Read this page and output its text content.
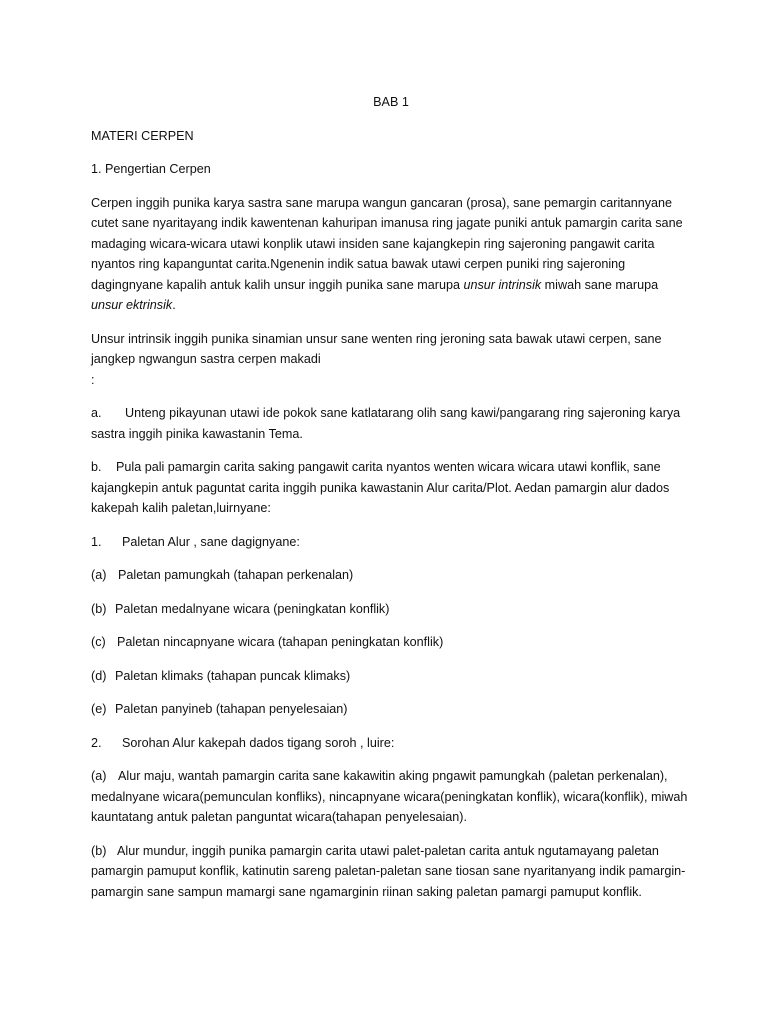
BAB 1

MATERI CERPEN

1. Pengertian Cerpen

Cerpen inggih punika karya sastra sane marupa wangun gancaran (prosa), sane pemargin caritannyane cutet sane nyaritayang indik kawentenan kahuripan imanusa ring jagate puniki antuk pamargin carita sane madaging wicara-wicara utawi konplik utawi insiden sane kajangkepin ring sajeroning pangawit carita nyantos ring kapanguntat carita.Ngenenin indik satua bawak utawi cerpen puniki ring sajeroning dagingnyane kapalih antuk kalih unsur inggih punika sane marupa unsur intrinsik miwah sane marupa unsur ektrinsik.

Unsur intrinsik inggih punika sinamian unsur sane wenten ring jeroning sata bawak utawi cerpen, sane jangkep ngwangun sastra cerpen makadi
:

a. Unteng pikayunan utawi ide pokok sane katlatarang olih sang kawi/pangarang ring sajeroning karya sastra inggih pinika kawastanin Tema.

b. Pula pali pamargin carita saking pangawit carita nyantos wenten wicara wicara utawi konflik, sane kajangkepin antuk paguntat carita inggih punika kawastanin Alur carita/Plot. Aedan pamargin alur dados kakepah kalih paletan,luirnyane:

1. Paletan Alur , sane dagignyane:

(a) Paletan pamungkah (tahapan perkenalan)

(b) Paletan medalnyane wicara (peningkatan konflik)

(c) Paletan nincapnyane wicara (tahapan peningkatan konflik)

(d) Paletan klimaks (tahapan puncak klimaks)

(e) Paletan panyineb (tahapan penyelesaian)

2. Sorohan Alur kakepah dados tigang soroh , luire:

(a) Alur maju, wantah pamargin carita sane kakawitin aking pngawit pamungkah (paletan perkenalan), medalnyane wicara(pemunculan konfliks), nincapnyane wicara(peningkatan konflik), wicara(konflik), miwah kauntatang antuk paletan panguntat wicara(tahapan penyelesaian).

(b) Alur mundur, inggih punika pamargin carita utawi palet-paletan carita antuk ngutamayang paletan pamargin pamuput konflik, katinutin sareng paletan-paletan sane tiosan sane nyaritanyang indik pamargin-pamargin sane sampun mamargi sane ngamarginin riinan saking paletan pamargi pamuput konflik.
